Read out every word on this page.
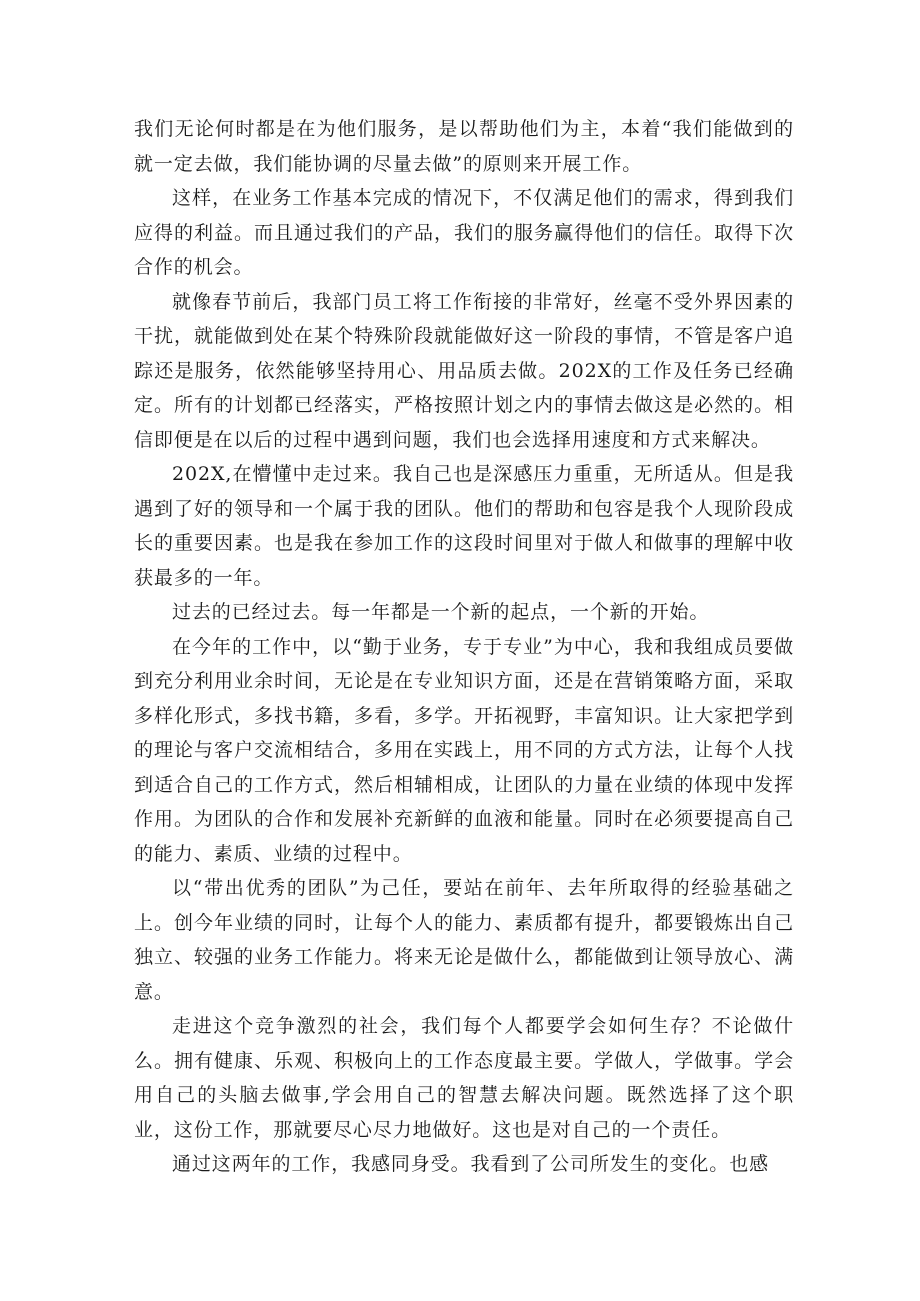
我们无论何时都是在为他们服务，是以帮助他们为主，本着“我们能做到的就一定去做，我们能协调的尽量去做”的原则来开展工作。

这样，在业务工作基本完成的情况下，不仅满足他们的需求，得到我们应得的利益。而且通过我们的产品，我们的服务赢得他们的信任。取得下次合作的机会。

就像春节前后，我部门员工将工作衔接的非常好，丝毫不受外界因素的干扰，就能做到处在某个特殊阶段就能做好这一阶段的事情，不管是客户追踪还是服务，依然能够坚持用心、用品质去做。202X的工作及任务已经确定。所有的计划都已经落实，严格按照计划之内的事情去做这是必然的。相信即便是在以后的过程中遇到问题，我们也会选择用速度和方式来解决。

202X,在懵懂中走过来。我自己也是深感压力重重，无所适从。但是我遇到了好的领导和一个属于我的团队。他们的帮助和包容是我个人现阶段成长的重要因素。也是我在参加工作的这段时间里对于做人和做事的理解中收获最多的一年。

过去的已经过去。每一年都是一个新的起点，一个新的开始。

在今年的工作中，以“勤于业务，专于专业”为中心，我和我组成员要做到充分利用业余时间，无论是在专业知识方面，还是在营销策略方面，采取多样化形式，多找书籍，多看，多学。开拓视野，丰富知识。让大家把学到的理论与客户交流相结合，多用在实践上，用不同的方式方法，让每个人找到适合自己的工作方式，然后相辅相成，让团队的力量在业绩的体现中发挥作用。为团队的合作和发展补充新鲜的血液和能量。同时在必须要提高自己的能力、素质、业绩的过程中。

以“带出优秀的团队”为己任，要站在前年、去年所取得的经验基础之上。创今年业绩的同时，让每个人的能力、素质都有提升，都要锻炼出自己独立、较强的业务工作能力。将来无论是做什么，都能做到让领导放心、满意。

走进这个竞争激烈的社会，我们每个人都要学会如何生存？不论做什么。拥有健康、乐观、积极向上的工作态度最主要。学做人，学做事。学会用自己的头脑去做事,学会用自己的智慧去解决问题。既然选择了这个职业，这份工作，那就要尽心尽力地做好。这也是对自己的一个责任。

通过这两年的工作，我感同身受。我看到了公司所发生的变化。也感
